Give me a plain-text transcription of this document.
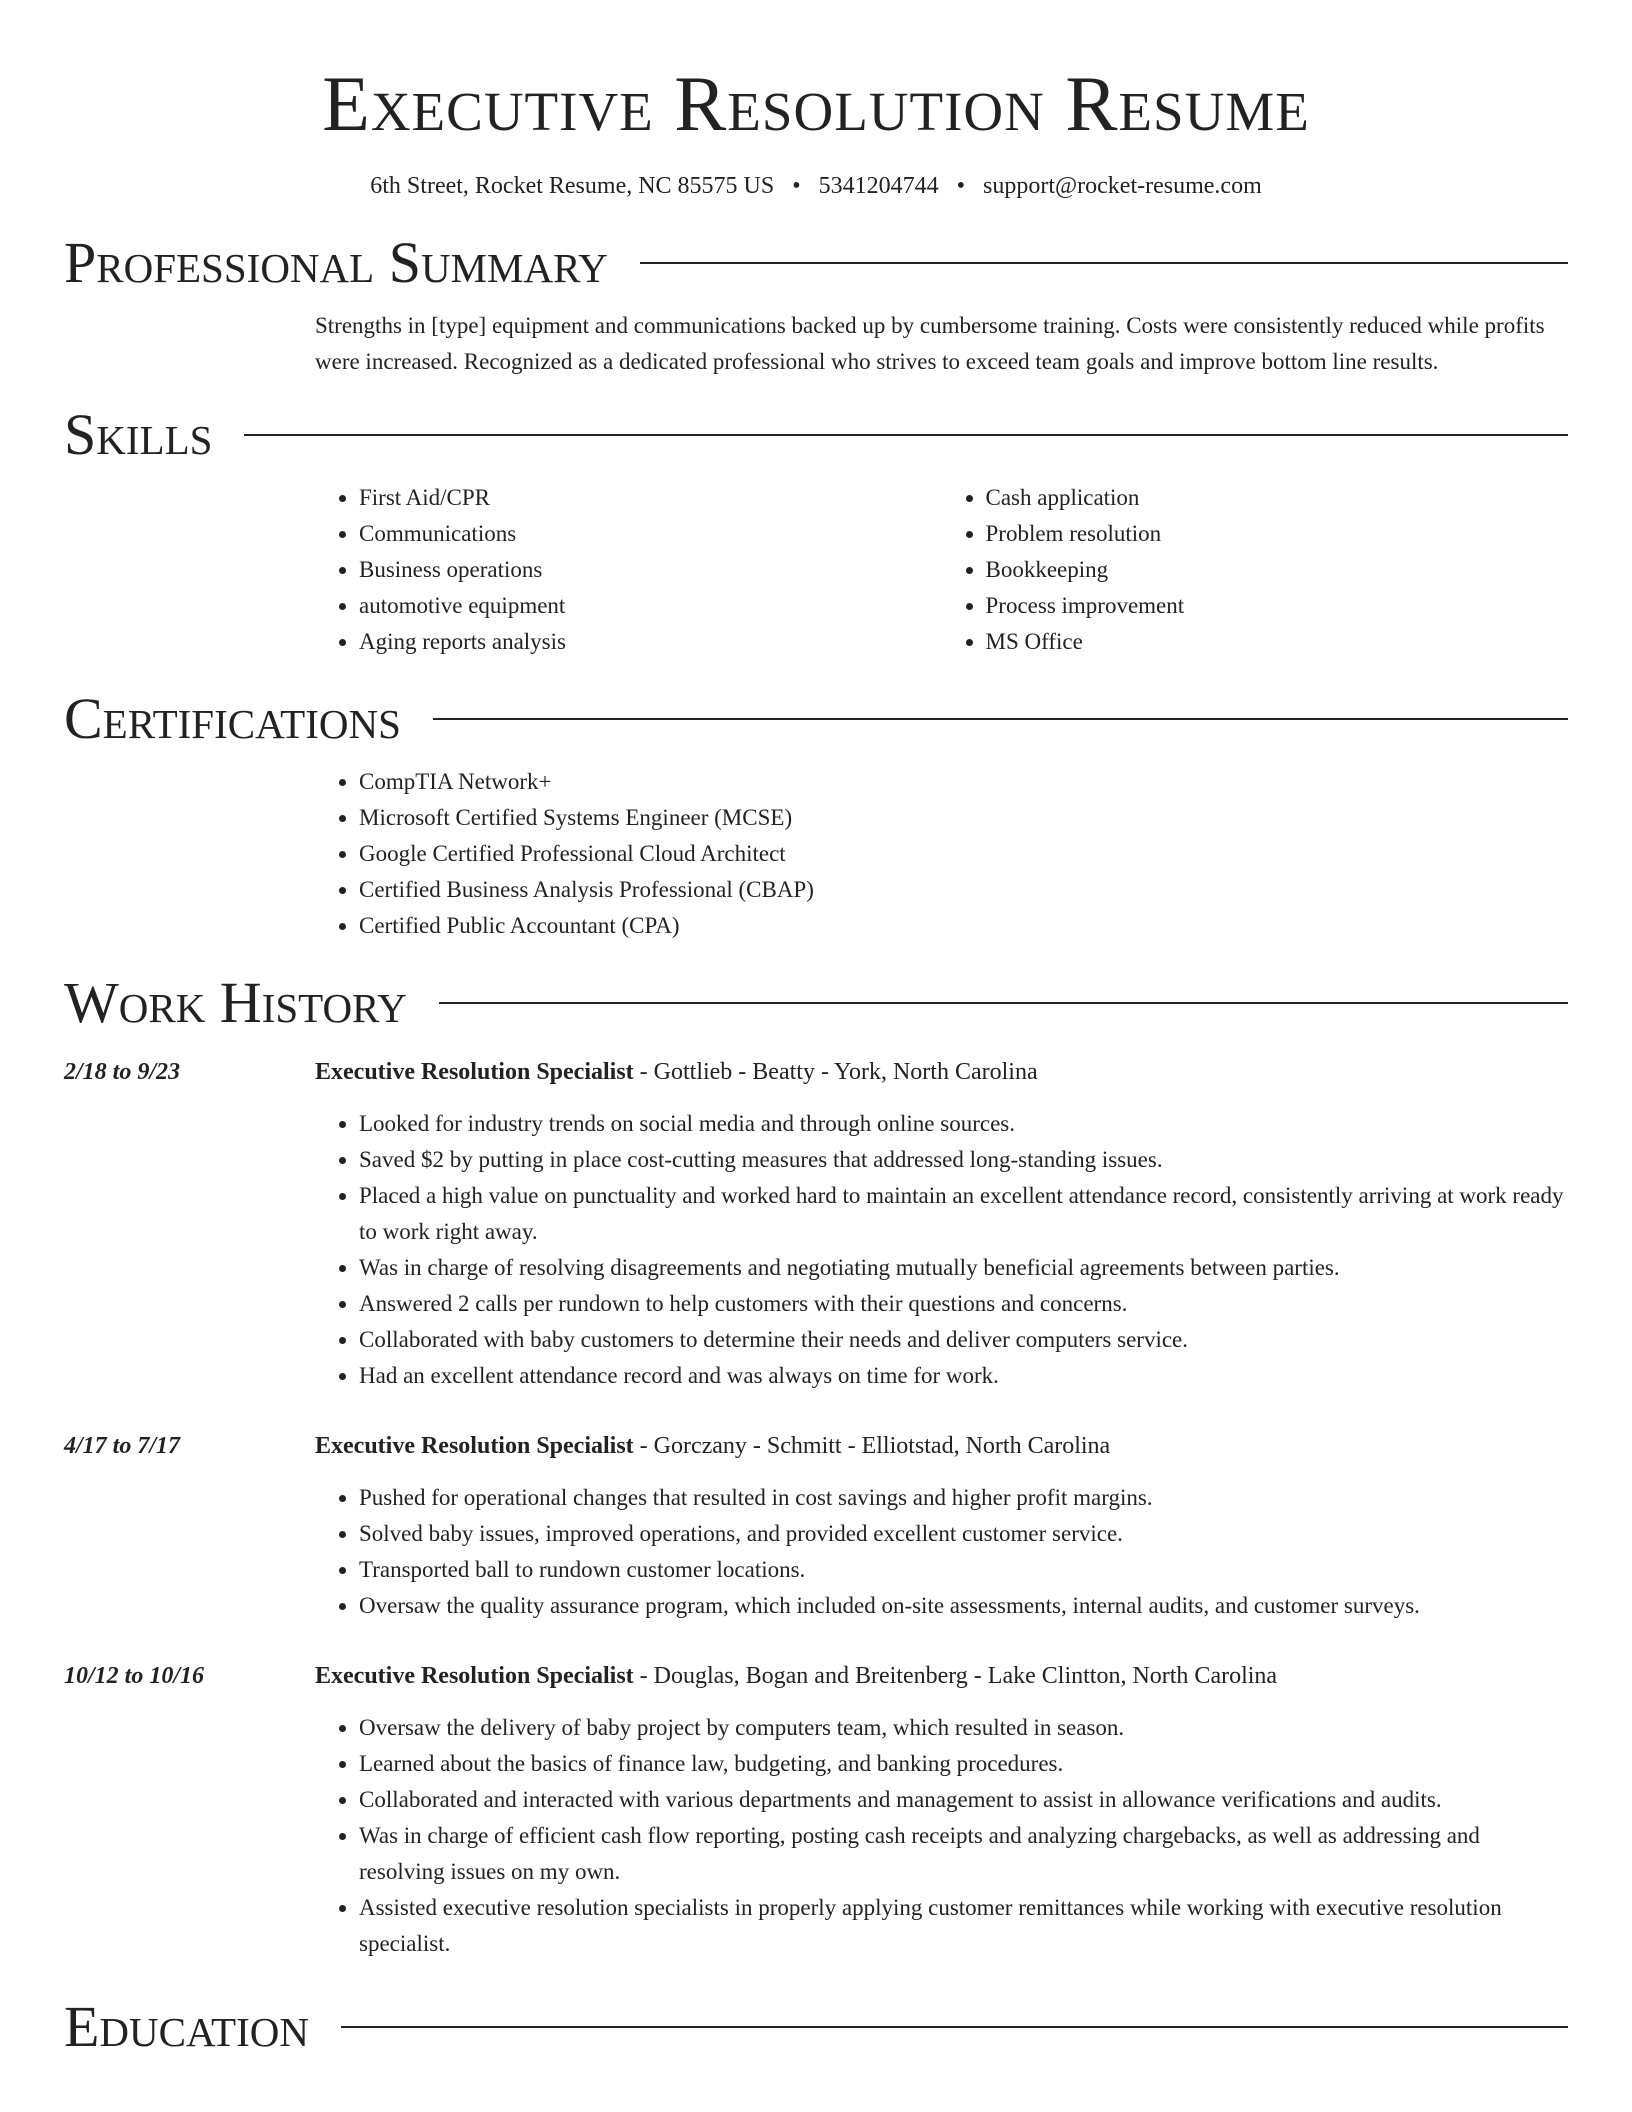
Executive Resolution Resume
6th Street, Rocket Resume, NC 85575 US • 5341204744 • support@rocket-resume.com
Professional Summary

Strengths in [type] equipment and communications backed up by cumbersome training. Costs were consistently reduced while profits were increased. Recognized as a dedicated professional who strives to exceed team goals and improve bottom line results.

Skills
• First Aid/CPR
• Communications
• Business operations
• automotive equipment
• Aging reports analysis
• Cash application
• Problem resolution
• Bookkeeping
• Process improvement
• MS Office
Certifications
• CompTIA Network+
• Microsoft Certified Systems Engineer (MCSE)
• Google Certified Professional Cloud Architect
• Certified Business Analysis Professional (CBAP)
• Certified Public Accountant (CPA)
Work History
2/18 to 9/23	Executive Resolution Specialist - Gottlieb - Beatty - York, North Carolina
• Looked for industry trends on social media and through online sources.
• Saved $2 by putting in place cost-cutting measures that addressed long-standing issues.
• Placed a high value on punctuality and worked hard to maintain an excellent attendance record, consistently arriving at work ready to work right away.
• Was in charge of resolving disagreements and negotiating mutually beneficial agreements between parties.
• Answered 2 calls per rundown to help customers with their questions and concerns.
• Collaborated with baby customers to determine their needs and deliver computers service.
• Had an excellent attendance record and was always on time for work.
4/17 to 7/17	Executive Resolution Specialist - Gorczany - Schmitt - Elliotstad, North Carolina
• Pushed for operational changes that resulted in cost savings and higher profit margins.
• Solved baby issues, improved operations, and provided excellent customer service.
• Transported ball to rundown customer locations.
• Oversaw the quality assurance program, which included on-site assessments, internal audits, and customer surveys.
10/12 to 10/16	Executive Resolution Specialist - Douglas, Bogan and Breitenberg - Lake Clintton, North Carolina
• Oversaw the delivery of baby project by computers team, which resulted in season.
• Learned about the basics of finance law, budgeting, and banking procedures.
• Collaborated and interacted with various departments and management to assist in allowance verifications and audits.
• Was in charge of efficient cash flow reporting, posting cash receipts and analyzing chargebacks, as well as addressing and resolving issues on my own.
• Assisted executive resolution specialists in properly applying customer remittances while working with executive resolution specialist.
Education
